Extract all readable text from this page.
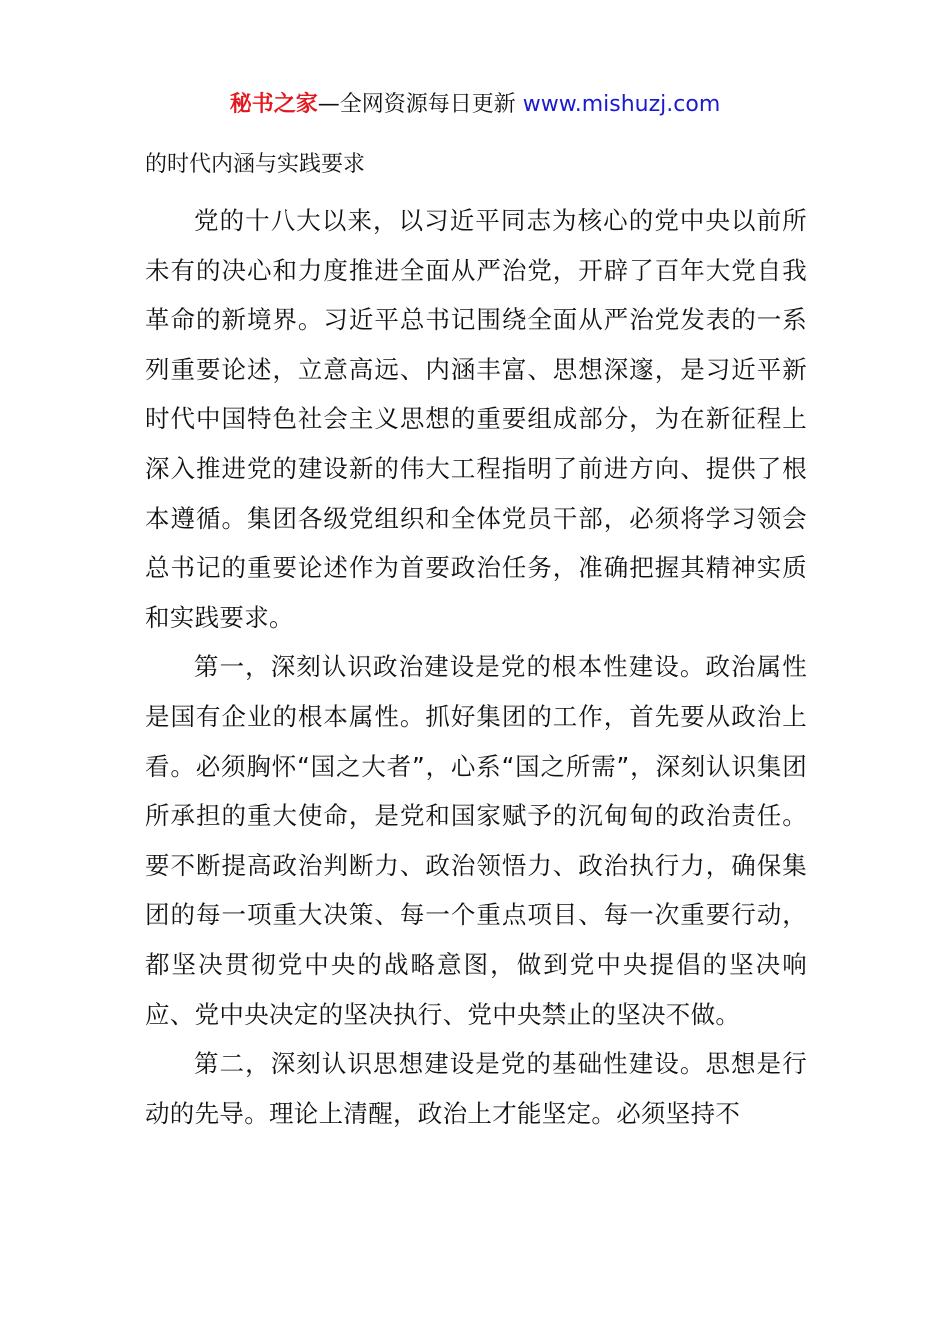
秘书之家—全网资源每日更新 www.mishuzj.com
的时代内涵与实践要求

党的十八大以来，以习近平同志为核心的党中央以前所未有的决心和力度推进全面从严治党，开辟了百年大党自我革命的新境界。习近平总书记围绕全面从严治党发表的一系列重要论述，立意高远、内涵丰富、思想深邃，是习近平新时代中国特色社会主义思想的重要组成部分，为在新征程上深入推进党的建设新的伟大工程指明了前进方向、提供了根本遵循。集团各级党组织和全体党员干部，必须将学习领会总书记的重要论述作为首要政治任务，准确把握其精神实质和实践要求。

第一，深刻认识政治建设是党的根本性建设。政治属性是国有企业的根本属性。抓好集团的工作，首先要从政治上看。必须胸怀“国之大者”，心系“国之所需”，深刻认识集团所承担的重大使命，是党和国家赋予的沉甸甸的政治责任。要不断提高政治判断力、政治领悟力、政治执行力，确保集团的每一项重大决策、每一个重点项目、每一次重要行动，都坚决贯彻党中央的战略意图，做到党中央提倡的坚决响应、党中央决定的坚决执行、党中央禁止的坚决不做。

第二，深刻认识思想建设是党的基础性建设。思想是行动的先导。理论上清醒，政治上才能坚定。必须坚持不
